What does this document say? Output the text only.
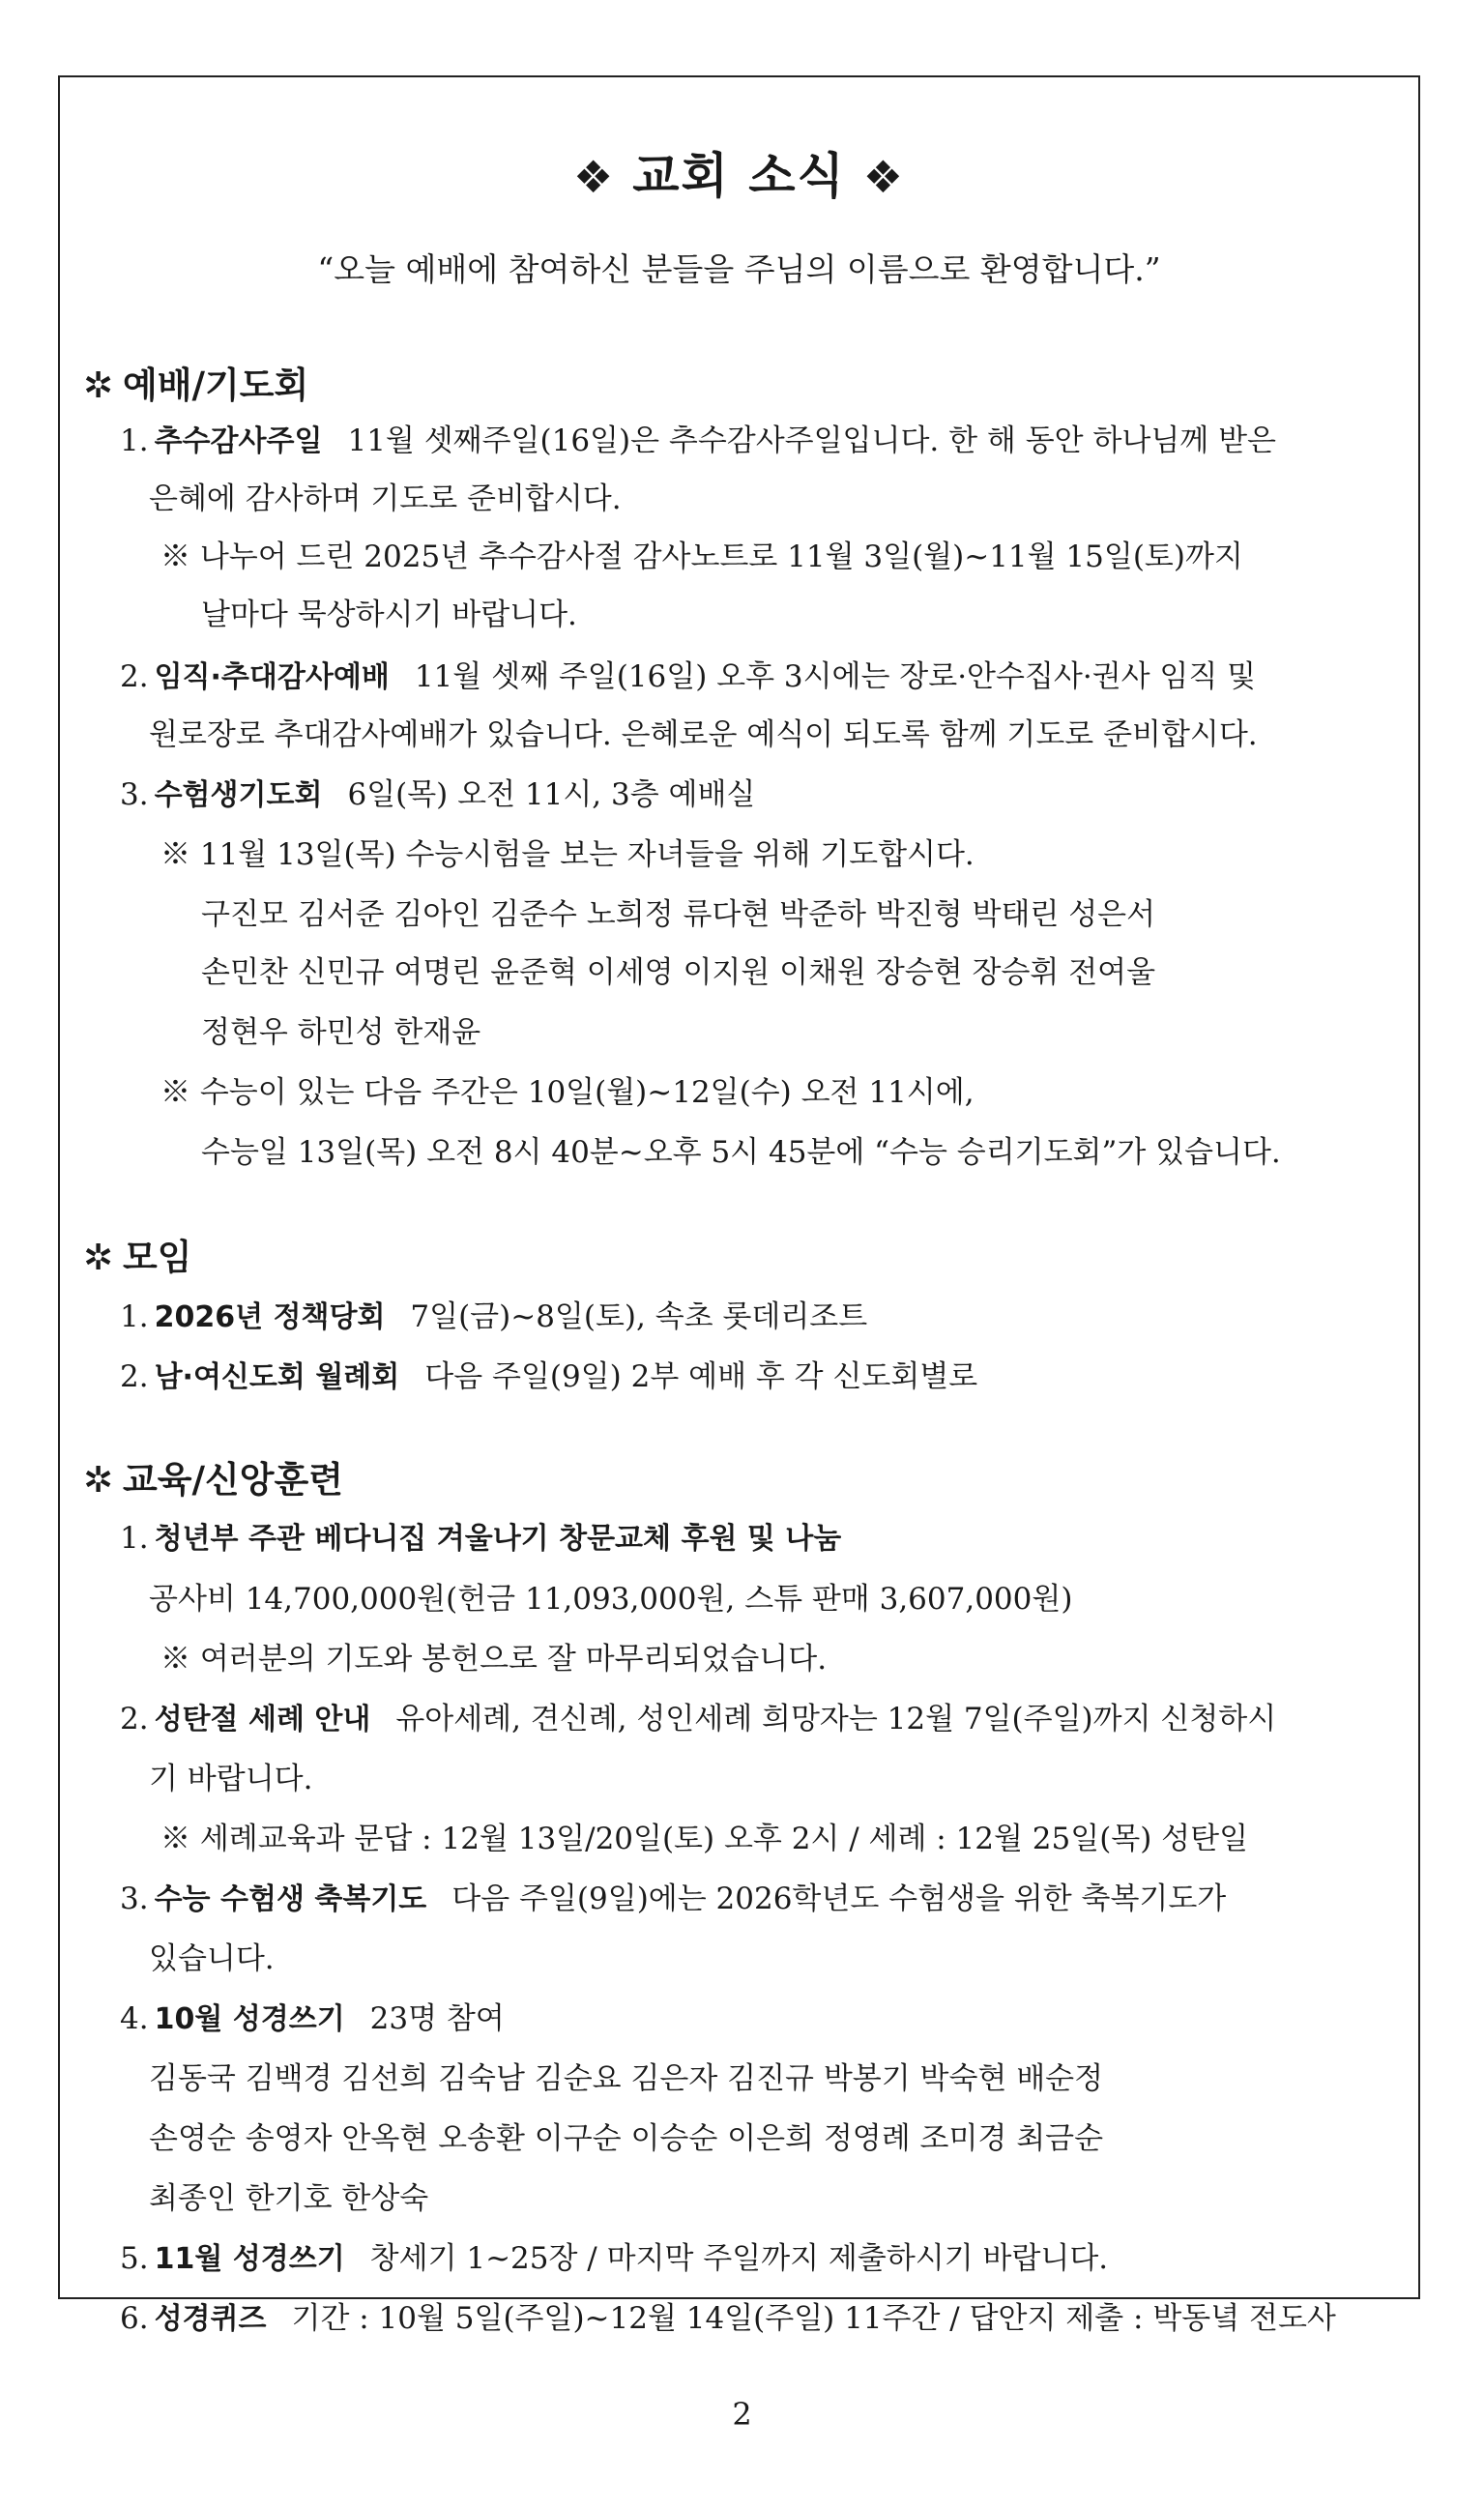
❖ 교회 소식 ❖
“오늘 예배에 참여하신 분들을 주님의 이름으로 환영합니다.”
✲ 예배/기도회
1. 추수감사주일 11월 셋째주일(16일)은 추수감사주일입니다. 한 해 동안 하나님께 받은
은혜에 감사하며 기도로 준비합시다.
※ 나누어 드린 2025년 추수감사절 감사노트로 11월 3일(월)~11월 15일(토)까지
날마다 묵상하시기 바랍니다.
2. 임직·추대감사예배 11월 셋째 주일(16일) 오후 3시에는 장로·안수집사·권사 임직 및
원로장로 추대감사예배가 있습니다. 은혜로운 예식이 되도록 함께 기도로 준비합시다.
3. 수험생기도회 6일(목) 오전 11시, 3층 예배실
※ 11월 13일(목) 수능시험을 보는 자녀들을 위해 기도합시다.
구진모 김서준 김아인 김준수 노희정 류다현 박준하 박진형 박태린 성은서
손민찬 신민규 여명린 윤준혁 이세영 이지원 이채원 장승현 장승휘 전여울
정현우 하민성 한재윤
※ 수능이 있는 다음 주간은 10일(월)~12일(수) 오전 11시에,
수능일 13일(목) 오전 8시 40분~오후 5시 45분에 “수능 승리기도회”가 있습니다.
✲ 모임
1. 2026년 정책당회 7일(금)~8일(토), 속초 롯데리조트
2. 남·여신도회 월례회 다음 주일(9일) 2부 예배 후 각 신도회별로
✲ 교육/신앙훈련
1. 청년부 주관 베다니집 겨울나기 창문교체 후원 및 나눔
공사비 14,700,000원(헌금 11,093,000원, 스튜 판매 3,607,000원)
※ 여러분의 기도와 봉헌으로 잘 마무리되었습니다.
2. 성탄절 세례 안내 유아세례, 견신례, 성인세례 희망자는 12월 7일(주일)까지 신청하시
기 바랍니다.
※ 세례교육과 문답 : 12월 13일/20일(토) 오후 2시 / 세례 : 12월 25일(목) 성탄일
3. 수능 수험생 축복기도 다음 주일(9일)에는 2026학년도 수험생을 위한 축복기도가
있습니다.
4. 10월 성경쓰기 23명 참여
김동국 김백경 김선희 김숙남 김순요 김은자 김진규 박봉기 박숙현 배순정
손영순 송영자 안옥현 오송환 이구순 이승순 이은희 정영례 조미경 최금순
최종인 한기호 한상숙
5. 11월 성경쓰기 창세기 1~25장 / 마지막 주일까지 제출하시기 바랍니다.
6. 성경퀴즈 기간 : 10월 5일(주일)~12월 14일(주일) 11주간 / 답안지 제출 : 박동녘 전도사
2
